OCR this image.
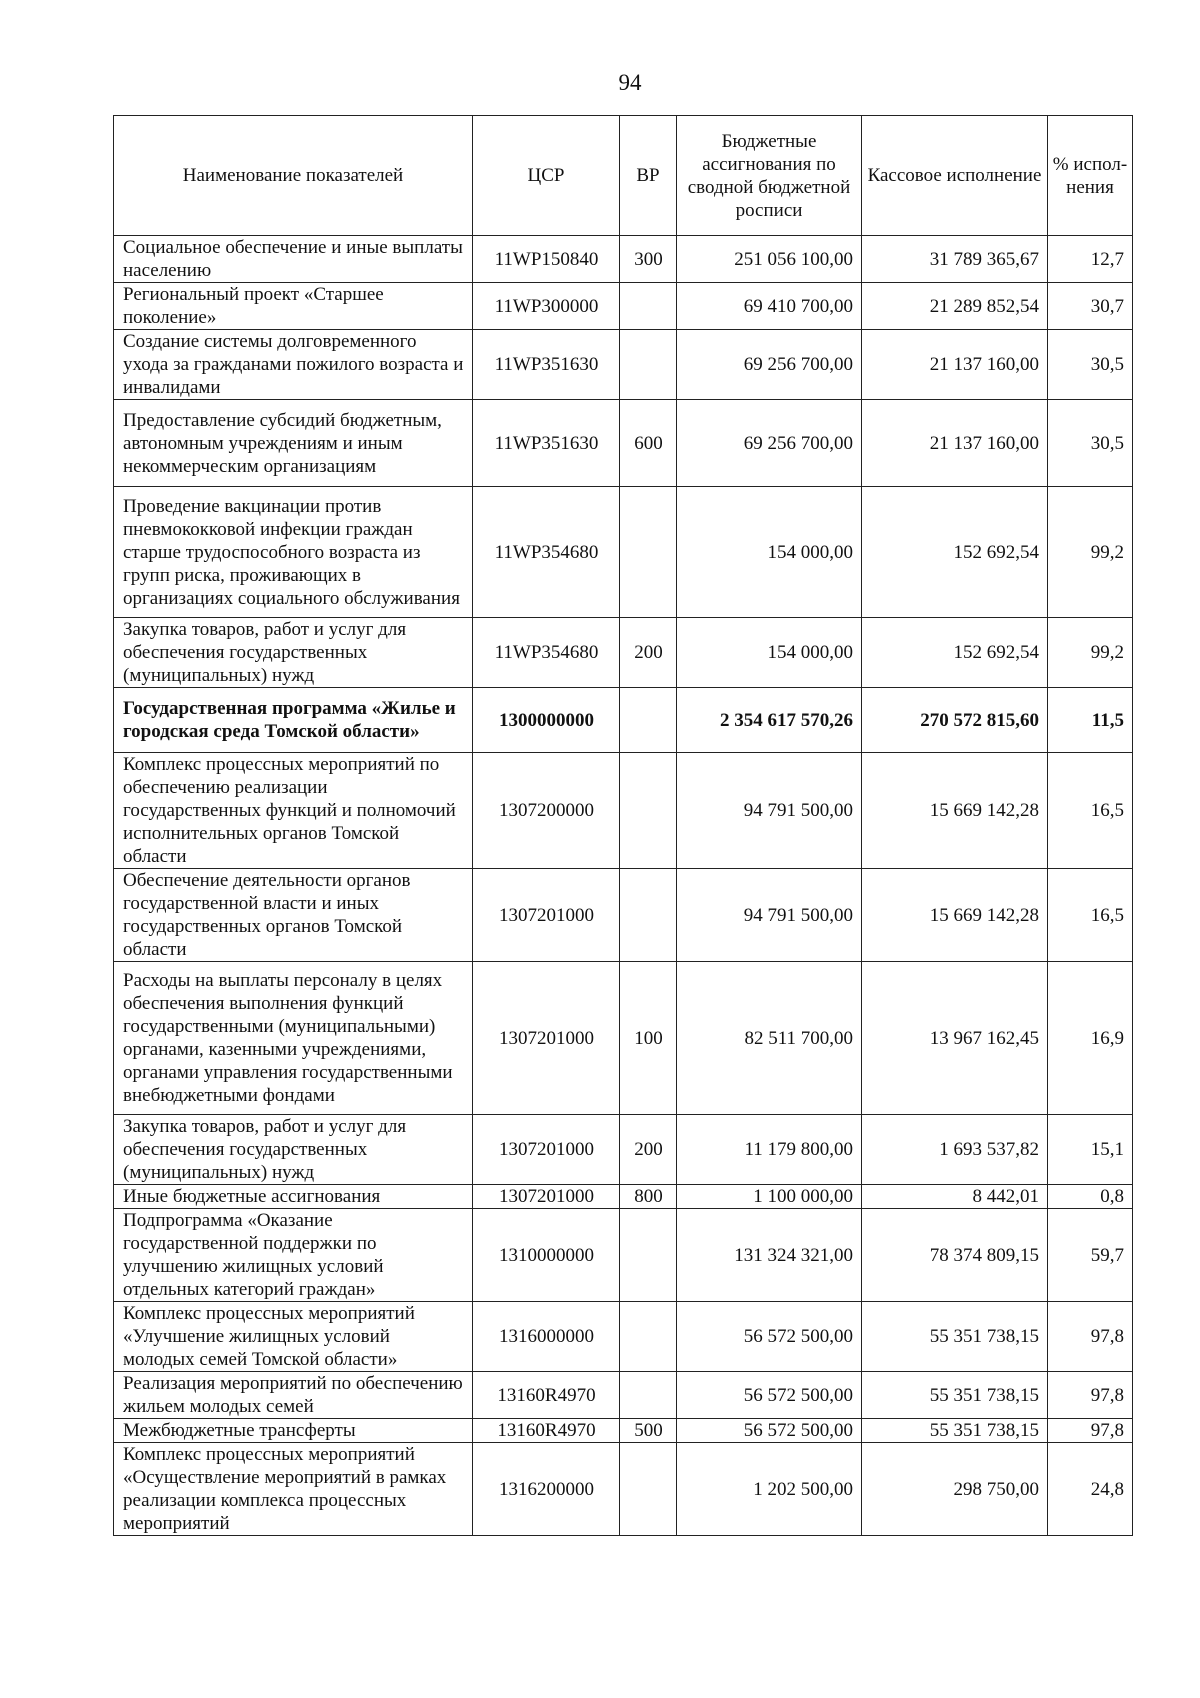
94
Наименование показателей	ЦСР	ВР	Бюджетные ассигнования по сводной бюджетной росписи	Кассовое исполнение	% испол-нения
Социальное обеспечение и иные выплаты населению	11WP150840	300	251 056 100,00	31 789 365,67	12,7
Региональный проект «Старшее поколение»	11WP300000		69 410 700,00	21 289 852,54	30,7
Создание системы долговременного ухода за гражданами пожилого возраста и инвалидами	11WP351630		69 256 700,00	21 137 160,00	30,5
Предоставление субсидий бюджетным, автономным учреждениям и иным некоммерческим организациям	11WP351630	600	69 256 700,00	21 137 160,00	30,5
Проведение вакцинации против пневмококковой инфекции граждан старше трудоспособного возраста из групп риска, проживающих в организациях социального обслуживания	11WP354680		154 000,00	152 692,54	99,2
Закупка товаров, работ и услуг для обеспечения государственных (муниципальных) нужд	11WP354680	200	154 000,00	152 692,54	99,2
Государственная программа «Жилье и городская среда Томской области»	1300000000		2 354 617 570,26	270 572 815,60	11,5
Комплекс процессных мероприятий по обеспечению реализации государственных функций и полномочий исполнительных органов Томской области	1307200000		94 791 500,00	15 669 142,28	16,5
Обеспечение деятельности органов государственной власти и иных государственных органов Томской области	1307201000		94 791 500,00	15 669 142,28	16,5
Расходы на выплаты персоналу в целях обеспечения выполнения функций государственными (муниципальными) органами, казенными учреждениями, органами управления государственными внебюджетными фондами	1307201000	100	82 511 700,00	13 967 162,45	16,9
Закупка товаров, работ и услуг для обеспечения государственных (муниципальных) нужд	1307201000	200	11 179 800,00	1 693 537,82	15,1
Иные бюджетные ассигнования	1307201000	800	1 100 000,00	8 442,01	0,8
Подпрограмма «Оказание государственной поддержки по улучшению жилищных условий отдельных категорий граждан»	1310000000		131 324 321,00	78 374 809,15	59,7
Комплекс процессных мероприятий «Улучшение жилищных условий молодых семей Томской области»	1316000000		56 572 500,00	55 351 738,15	97,8
Реализация мероприятий по обеспечению жильем молодых семей	13160R4970		56 572 500,00	55 351 738,15	97,8
Межбюджетные трансферты	13160R4970	500	56 572 500,00	55 351 738,15	97,8
Комплекс процессных мероприятий «Осуществление мероприятий в рамках реализации комплекса процессных мероприятий	1316200000		1 202 500,00	298 750,00	24,8
